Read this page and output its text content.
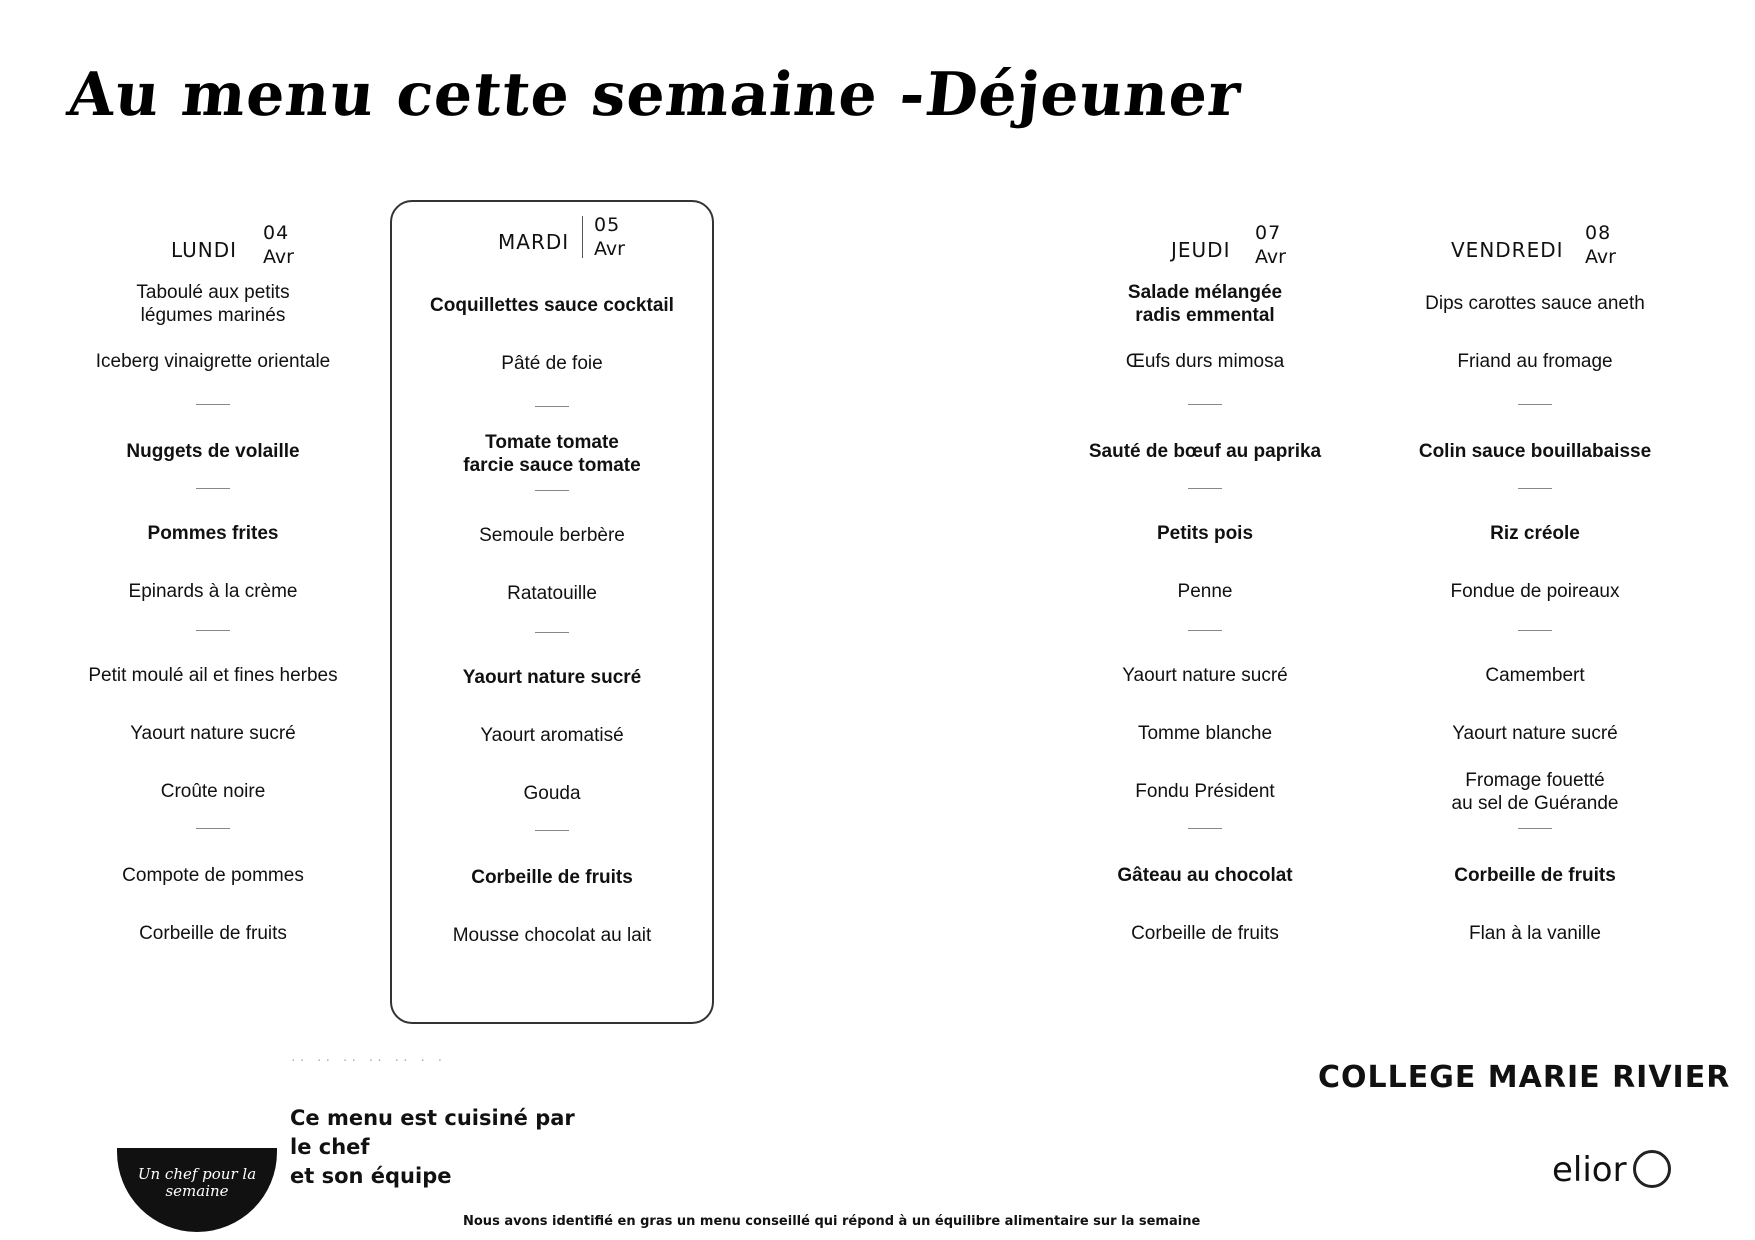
Au menu cette semaine -Déjeuner
LUNDI
04
Avr
Taboulé aux petits
légumes marinés
Iceberg vinaigrette orientale
Nuggets de volaille
Pommes frites
Epinards à la crème
Petit moulé ail et fines herbes
Yaourt nature sucré
Croûte noire
Compote de pommes
Corbeille de fruits
MARDI
05
Avr
Coquillettes sauce cocktail
Pâté de foie
Tomate tomate
farcie sauce tomate
Semoule berbère
Ratatouille
Yaourt nature sucré
Yaourt aromatisé
Gouda
Corbeille de fruits
Mousse chocolat au lait
JEUDI
07
Avr
Salade mélangée
radis emmental
Œufs durs mimosa
Sauté de bœuf au paprika
Petits pois
Penne
Yaourt nature sucré
Tomme blanche
Fondu Président
Gâteau au chocolat
Corbeille de fruits
VENDREDI
08
Avr
Dips carottes sauce aneth
Friand au fromage
Colin sauce bouillabaisse
Riz créole
Fondue de poireaux
Camembert
Yaourt nature sucré
Fromage fouetté
au sel de Guérande
Corbeille de fruits
Flan à la vanille
·· ·· ·· ·· ·· · ·	COLLEGE MARIE RIVIER
Ce menu est cuisiné par
le chef
et son équipe
Un chef pour la semaine
elior
Nous avons identifié en gras un menu conseillé qui répond à un équilibre alimentaire sur la semaine
